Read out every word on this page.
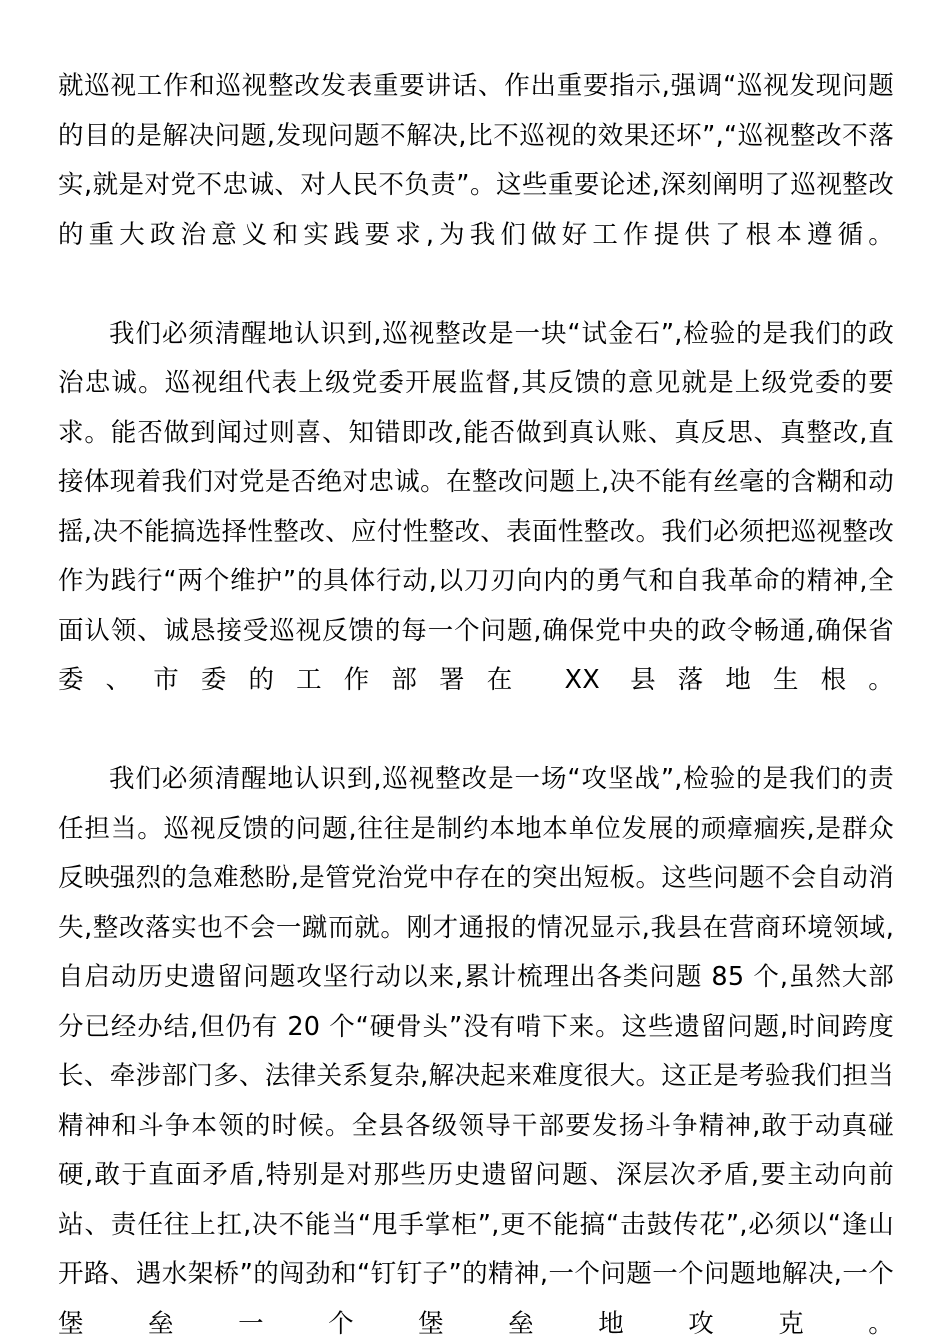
就巡视工作和巡视整改发表重要讲话、作出重要指示,强调“巡视发现问题的目的是解决问题,发现问题不解决,比不巡视的效果还坏”,“巡视整改不落实,就是对党不忠诚、对人民不负责”。这些重要论述,深刻阐明了巡视整改的重大政治意义和实践要求,为我们做好工作提供了根本遵循。

我们必须清醒地认识到,巡视整改是一块“试金石”,检验的是我们的政治忠诚。巡视组代表上级党委开展监督,其反馈的意见就是上级党委的要求。能否做到闻过则喜、知错即改,能否做到真认账、真反思、真整改,直接体现着我们对党是否绝对忠诚。在整改问题上,决不能有丝毫的含糊和动摇,决不能搞选择性整改、应付性整改、表面性整改。我们必须把巡视整改作为践行“两个维护”的具体行动,以刀刃向内的勇气和自我革命的精神,全面认领、诚恳接受巡视反馈的每一个问题,确保党中央的政令畅通,确保省委、市委的工作部署在 XX 县落地生根。

我们必须清醒地认识到,巡视整改是一场“攻坚战”,检验的是我们的责任担当。巡视反馈的问题,往往是制约本地本单位发展的顽瘴痼疾,是群众反映强烈的急难愁盼,是管党治党中存在的突出短板。这些问题不会自动消失,整改落实也不会一蹴而就。刚才通报的情况显示,我县在营商环境领域,自启动历史遗留问题攻坚行动以来,累计梳理出各类问题 85 个,虽然大部分已经办结,但仍有 20 个“硬骨头”没有啃下来。这些遗留问题,时间跨度长、牵涉部门多、法律关系复杂,解决起来难度很大。这正是考验我们担当精神和斗争本领的时候。全县各级领导干部要发扬斗争精神,敢于动真碰硬,敢于直面矛盾,特别是对那些历史遗留问题、深层次矛盾,要主动向前站、责任往上扛,决不能当“甩手掌柜”,更不能搞“击鼓传花”,必须以“逢山开路、遇水架桥”的闯劲和“钉钉子”的精神,一个问题一个问题地解决,一个堡垒一个堡垒地攻克。
